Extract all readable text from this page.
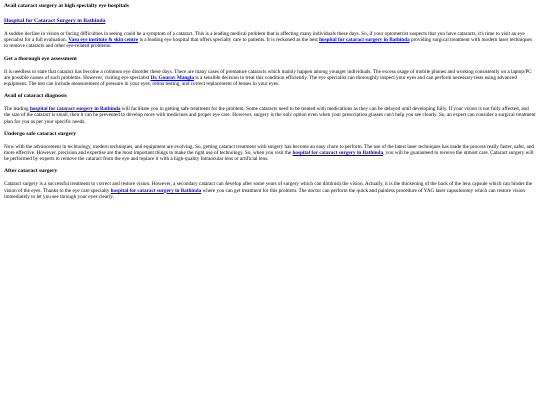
Avail cataract surgery at high specialty eye hospitals
Hospital for Cataract Surgery in Bathinda

A sudden decline in vision or facing difficulties in seeing could be a symptom of a cataract. This is a leading medical problem that is affecting many individuals these days. So, if your optometrist suspects that you have cataracts, it's time to visit an eye specialist for a full evaluation. Vasu eye institute & skin centre is a leading eye hospital that offers specialty care to patients. It is reckoned as the best hospital for cataract surgery in Bathinda providing surgical treatment with modern laser techniques to remove cataracts and other eye-related problems.

Get a thorough eye assessment

It is needless to state that cataract has become a common eye disorder these days. There are many cases of premature cataracts which mainly happen among younger individuals. The excess usage of mobile phones and working consistently on a laptop/PC are possible causes of such problems. However, visiting eye specialist Dr. Gourav Mangla is a sensible decision to treat this condition efficiently. The eye specialist can thoroughly inspect your eyes and can perform necessary tests using advanced equipment. The test can include measurement of pressure in your eyes, retina testing, and correct replacement of lenses in your eyes.

Avail of cataract diagnosis

The leading hospital for cataract surgery in Bathinda will facilitate you in getting safe treatment for the problem. Some cataracts need to be treated with medications as they can be delayed until developing fully. If your vision is not fully affected, and the size of the cataract is small, then it can be prevented to develop more with medicines and proper eye care. However, surgery is the only option even when your prescription glasses can't help you see clearly. So, an expert can consider a surgical treatment plan for you as per your specific needs.

Undergo safe cataract surgery

Now with the advancement in technology, modern techniques, and equipment are evolving. So, getting cataract treatment with surgery has become an easy chore to perform. The use of the latest laser techniques has made the process really faster, safer, and more effective. However, precision and expertise are the most important things to make the right use of technology. So, when you visit the hospital for cataract surgery in Bathinda, you will be guaranteed to receive the utmost care. Cataract surgery will be performed by experts to remove the cataract from the eye and replace it with a high-quality Intraocular lens or artificial lens.

After cataract surgery

Cataract surgery is a successful treatment to correct and restore vision. However, a secondary cataract can develop after some years of surgery which can diminish the vision. Actually, it is the thickening of the back of the lens capsule which can hinder the vision of the eyes. Thanks to the eye care specialty hospital for cataract surgery in Bathinda where you can get treatment for this problem. The doctor can perform the quick and painless procedure of YAG laser capsulotomy which can restore vision immediately to let you see through your eyes clearly.
